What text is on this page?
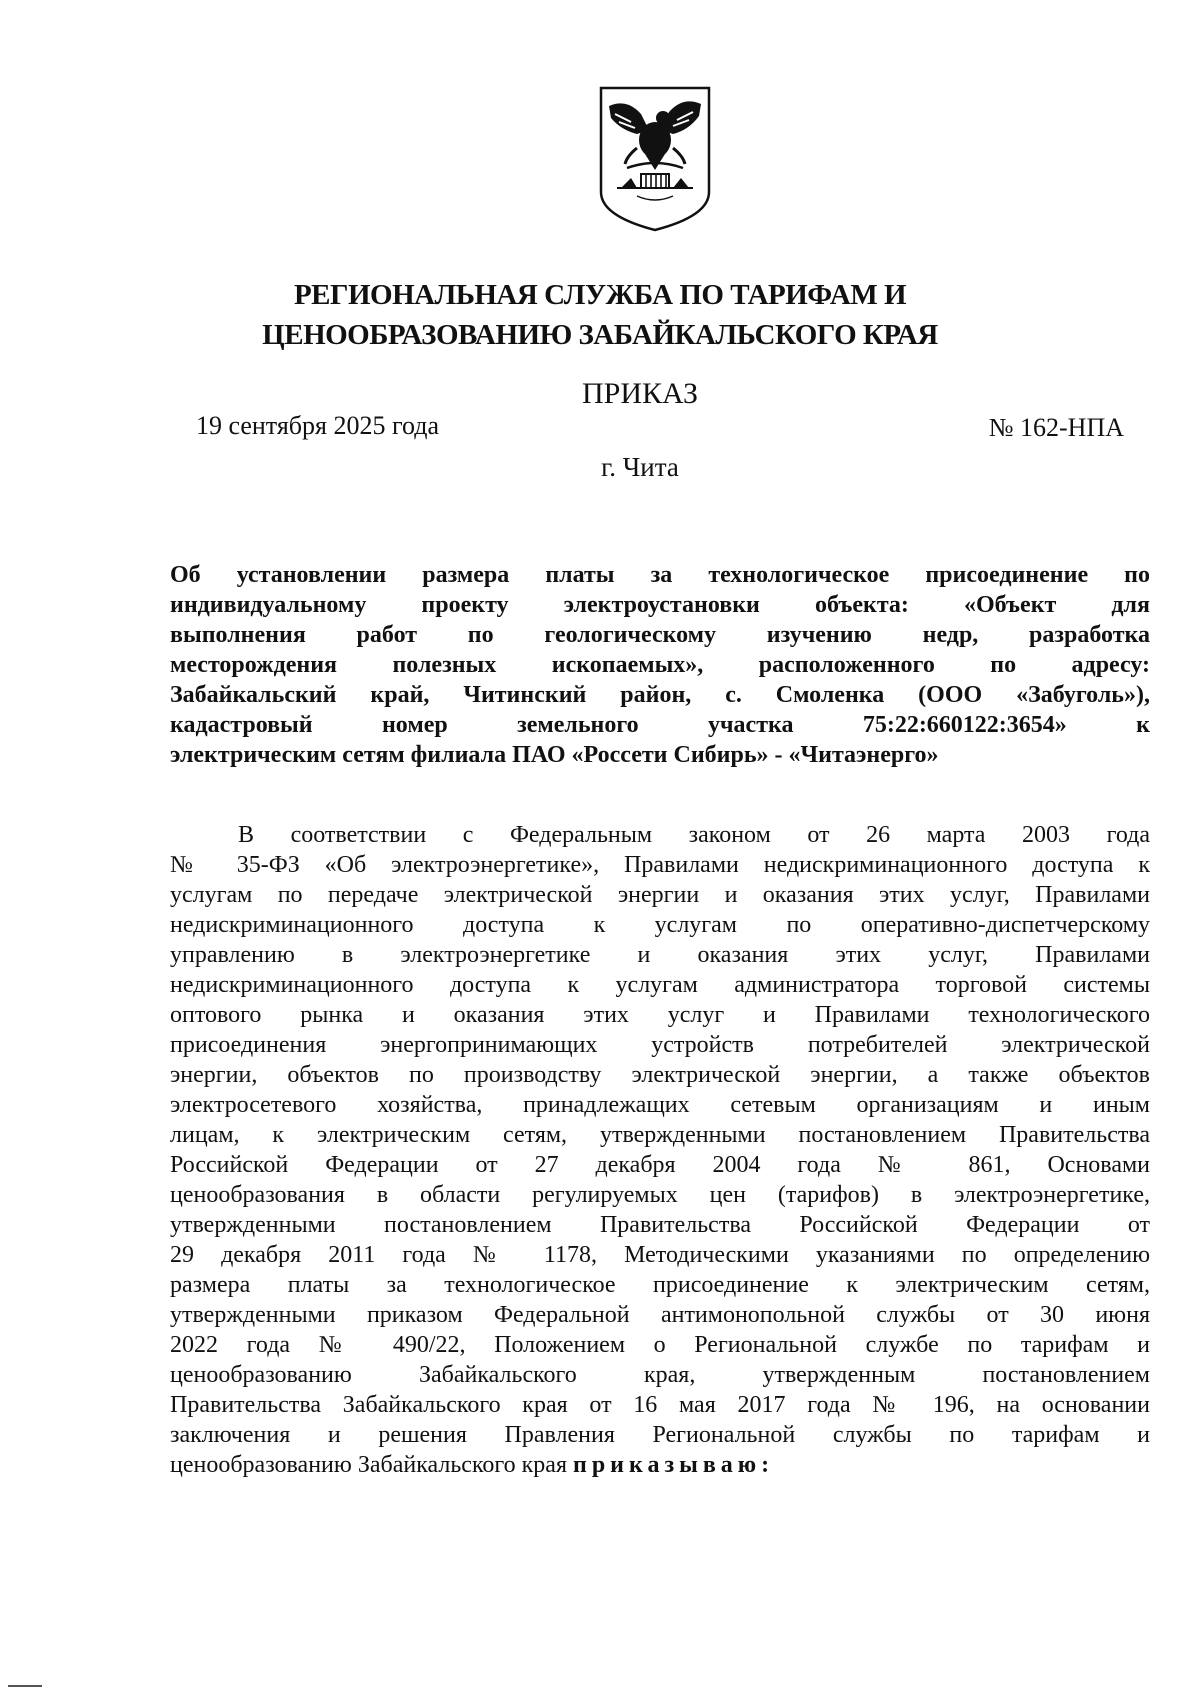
РЕГИОНАЛЬНАЯ СЛУЖБА ПО ТАРИФАМ И
ЦЕНООБРАЗОВАНИЮ ЗАБАЙКАЛЬСКОГО КРАЯ
ПРИКАЗ
19 сентября 2025 года	№ 162-НПА
г. Чита
Об установлении размера платы за технологическое присоединение по
индивидуальному проекту электроустановки объекта: «Объект для
выполнения работ по геологическому изучению недр, разработка
месторождения полезных ископаемых», расположенного по адресу:
Забайкальский край, Читинский район, с. Смоленка (ООО «Забуголь»),
кадастровый номер земельного участка 75:22:660122:3654» к
электрическим сетям филиала ПАО «Россети Сибирь» - «Читаэнерго»
В соответствии с Федеральным законом от 26 марта 2003 года
№ 35-ФЗ «Об электроэнергетике», Правилами недискриминационного доступа к
услугам по передаче электрической энергии и оказания этих услуг, Правилами
недискриминационного доступа к услугам по оперативно-диспетчерскому
управлению в электроэнергетике и оказания этих услуг, Правилами
недискриминационного доступа к услугам администратора торговой системы
оптового рынка и оказания этих услуг и Правилами технологического
присоединения энергопринимающих устройств потребителей электрической
энергии, объектов по производству электрической энергии, а также объектов
электросетевого хозяйства, принадлежащих сетевым организациям и иным
лицам, к электрическим сетям, утвержденными постановлением Правительства
Российской Федерации от 27 декабря 2004 года № 861, Основами
ценообразования в области регулируемых цен (тарифов) в электроэнергетике,
утвержденными постановлением Правительства Российской Федерации от
29 декабря 2011 года № 1178, Методическими указаниями по определению
размера платы за технологическое присоединение к электрическим сетям,
утвержденными приказом Федеральной антимонопольной службы от 30 июня
2022 года № 490/22, Положением о Региональной службе по тарифам и
ценообразованию Забайкальского края, утвержденным постановлением
Правительства Забайкальского края от 16 мая 2017 года № 196, на основании
заключения и решения Правления Региональной службы по тарифам и
ценообразованию Забайкальского края приказываю:
